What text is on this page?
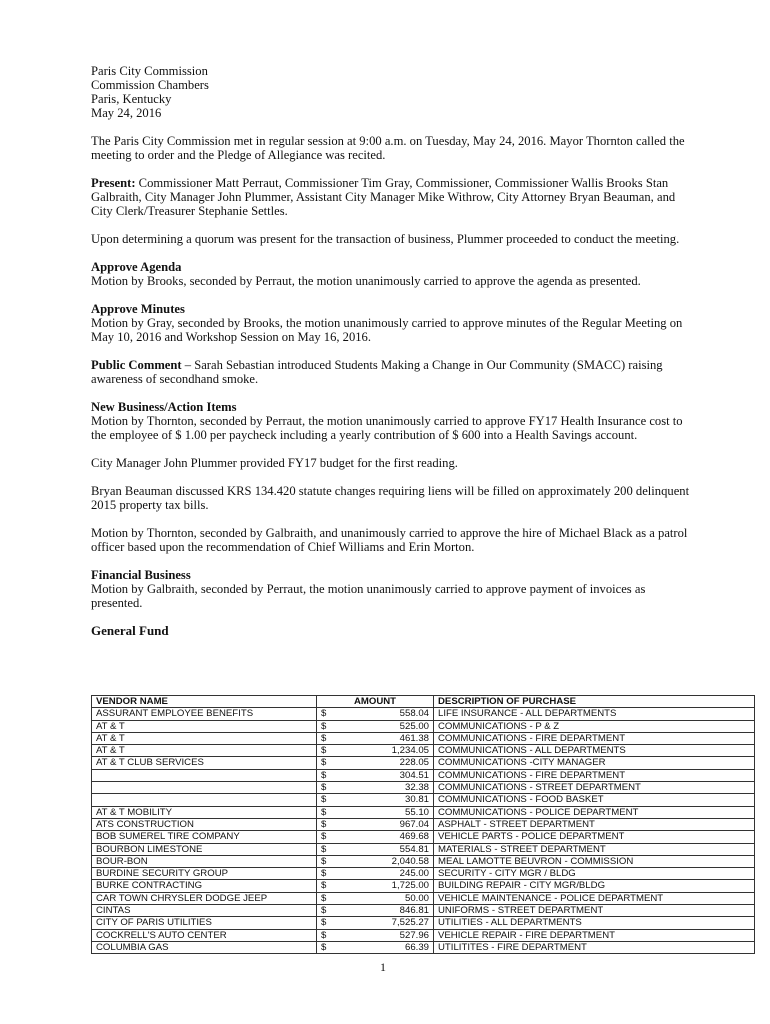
Paris City Commission
Commission Chambers
Paris, Kentucky
May 24, 2016
The Paris City Commission met in regular session at 9:00 a.m. on Tuesday, May 24, 2016. Mayor Thornton called the meeting to order and the Pledge of Allegiance was recited.
Present: Commissioner Matt Perraut, Commissioner Tim Gray, Commissioner, Commissioner Wallis Brooks Stan Galbraith, City Manager John Plummer, Assistant City Manager Mike Withrow, City Attorney Bryan Beauman, and City Clerk/Treasurer Stephanie Settles.
Upon determining a quorum was present for the transaction of business, Plummer proceeded to conduct the meeting.
Approve Agenda
Motion by Brooks, seconded by Perraut, the motion unanimously carried to approve the agenda as presented.
Approve Minutes
Motion by Gray, seconded by Brooks, the motion unanimously carried to approve minutes of the Regular Meeting on May 10, 2016 and Workshop Session on May 16, 2016.
Public Comment – Sarah Sebastian introduced Students Making a Change in Our Community (SMACC) raising awareness of secondhand smoke.
New Business/Action Items
Motion by Thornton, seconded by Perraut, the motion unanimously carried to approve FY17 Health Insurance cost to the employee of $ 1.00 per paycheck including a yearly contribution of $ 600 into a Health Savings account.
City Manager John Plummer provided FY17 budget for the first reading.
Bryan Beauman discussed KRS 134.420 statute changes requiring liens will be filled on approximately 200 delinquent 2015 property tax bills.
Motion by Thornton, seconded by Galbraith, and unanimously carried to approve the hire of Michael Black as a patrol officer based upon the recommendation of Chief Williams and Erin Morton.
Financial Business
Motion by Galbraith, seconded by Perraut, the motion unanimously carried to approve payment of invoices as presented.
General Fund
VENDOR NAME	AMOUNT	DESCRIPTION OF PURCHASE
ASSURANT EMPLOYEE BENEFITS	$ 558.04	LIFE INSURANCE - ALL DEPARTMENTS
AT & T	$ 525.00	COMMUNICATIONS - P & Z
AT & T	$ 461.38	COMMUNICATIONS - FIRE DEPARTMENT
AT & T	$ 1,234.05	COMMUNICATIONS - ALL DEPARTMENTS
AT & T CLUB SERVICES	$ 228.05	COMMUNICATIONS -CITY MANAGER

	$ 304.51	COMMUNICATIONS - FIRE DEPARTMENT

	$ 32.38	COMMUNICATIONS - STREET DEPARTMENT

	$ 30.81	COMMUNICATIONS - FOOD BASKET
AT & T MOBILITY	$ 55.10	COMMUNICATIONS - POLICE DEPARTMENT
ATS CONSTRUCTION	$ 967.04	ASPHALT - STREET DEPARTMENT
BOB SUMEREL TIRE COMPANY	$ 469.68	VEHICLE PARTS - POLICE DEPARTMENT
BOURBON LIMESTONE	$ 554.81	MATERIALS - STREET DEPARTMENT
BOUR-BON	$ 2,040.58	MEAL LAMOTTE BEUVRON - COMMISSION
BURDINE SECURITY GROUP	$ 245.00	SECURITY - CITY MGR / BLDG
BURKE CONTRACTING	$ 1,725.00	BUILDING REPAIR - CITY MGR/BLDG
CAR TOWN CHRYSLER DODGE JEEP	$ 50.00	VEHICLE MAINTENANCE - POLICE DEPARTMENT
CINTAS	$ 846.81	UNIFORMS - STREET DEPARTMENT
CITY OF PARIS UTILITIES	$ 7,525.27	UTILITIES - ALL DEPARTMENTS
COCKRELL'S AUTO CENTER	$ 527.96	VEHICLE REPAIR - FIRE DEPARTMENT
COLUMBIA GAS	$ 66.39	UTILITITES - FIRE DEPARTMENT
1
